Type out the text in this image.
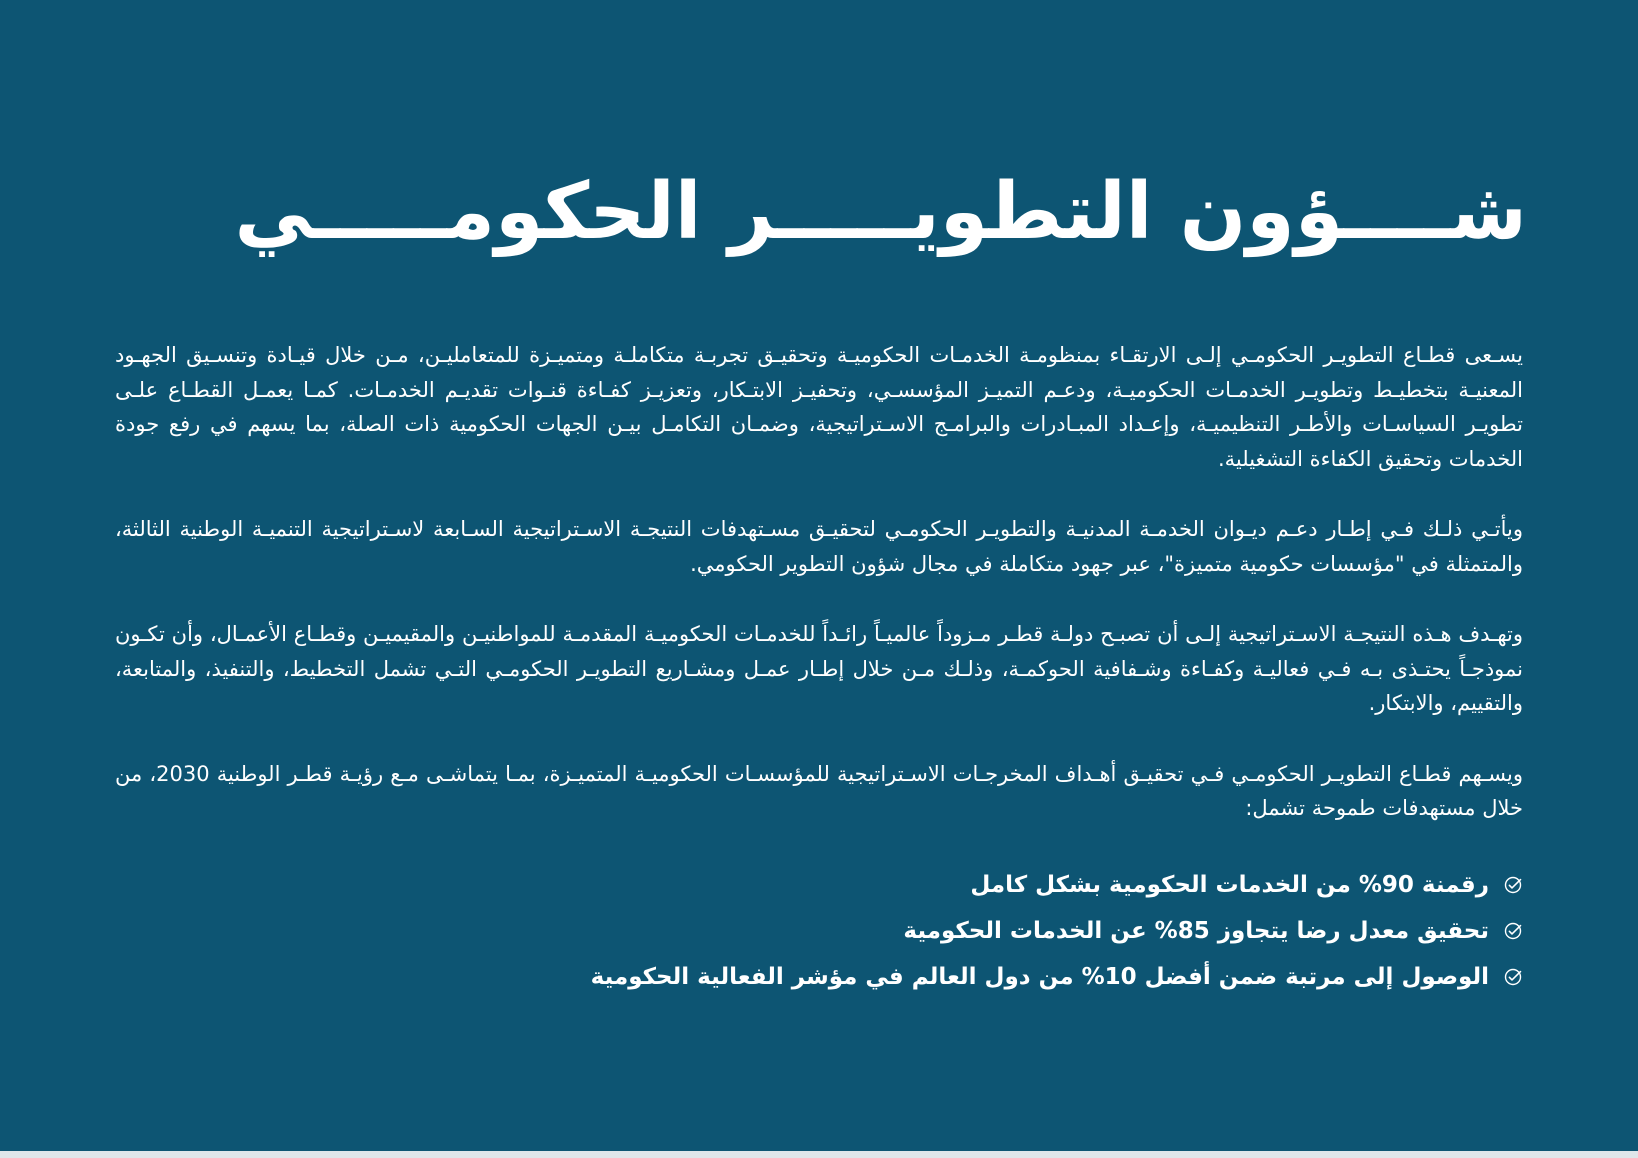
شــــؤون التطويـــــر الحكومـــــي

يسـعى قطـاع التطويـر الحكومـي إلـى الارتقـاء بمنظومـة الخدمـات الحكوميـة وتحقيـق تجربـة متكاملـة ومتميـزة للمتعامليـن، مـن خلال قيـادة وتنسـيق الجهـود المعنيـة بتخطيـط وتطويـر الخدمـات الحكوميـة، ودعـم التميـز المؤسسـي، وتحفيـز الابتـكار، وتعزيـز كفـاءة قنـوات تقديـم الخدمـات. كمـا يعمـل القطـاع علـى تطويـر السياسـات والأطـر التنظيميـة، وإعـداد المبـادرات والبرامـج الاسـتراتيجية، وضمـان التكامـل بيـن الجهات الحكومية ذات الصلة، بما يسهم في رفع جودة الخدمات وتحقيق الكفاءة التشغيلية.

ويأتـي ذلـك فـي إطـار دعـم ديـوان الخدمـة المدنيـة والتطويـر الحكومـي لتحقيـق مسـتهدفات النتيجـة الاسـتراتيجية السـابعة لاسـتراتيجية التنميـة الوطنية الثالثة، والمتمثلة في "مؤسسات حكومية متميزة"، عبر جهود متكاملة في مجال شؤون التطوير الحكومي.

وتهـدف هـذه النتيجـة الاسـتراتيجية إلـى أن تصبـح دولـة قطـر مـزوداً عالميـاً رائـداً للخدمـات الحكوميـة المقدمـة للمواطنيـن والمقيميـن وقطـاع الأعمـال، وأن تكـون نموذجـاً يحتـذى بـه فـي فعاليـة وكفـاءة وشـفافية الحوكمـة، وذلـك مـن خلال إطـار عمـل ومشـاريع التطويـر الحكومـي التـي تشمل التخطيط، والتنفيذ، والمتابعة، والتقييم، والابتكار.

ويسـهم قطـاع التطويـر الحكومـي فـي تحقيـق أهـداف المخرجـات الاسـتراتيجية للمؤسسـات الحكوميـة المتميـزة، بمـا يتماشـى مـع رؤيـة قطـر الوطنية 2030، من خلال مستهدفات طموحة تشمل:

رقمنة 90% من الخدمات الحكومية بشكل كامل
تحقيق معدل رضا يتجاوز 85% عن الخدمات الحكومية
الوصول إلى مرتبة ضمن أفضل 10% من دول العالم في مؤشر الفعالية الحكومية
